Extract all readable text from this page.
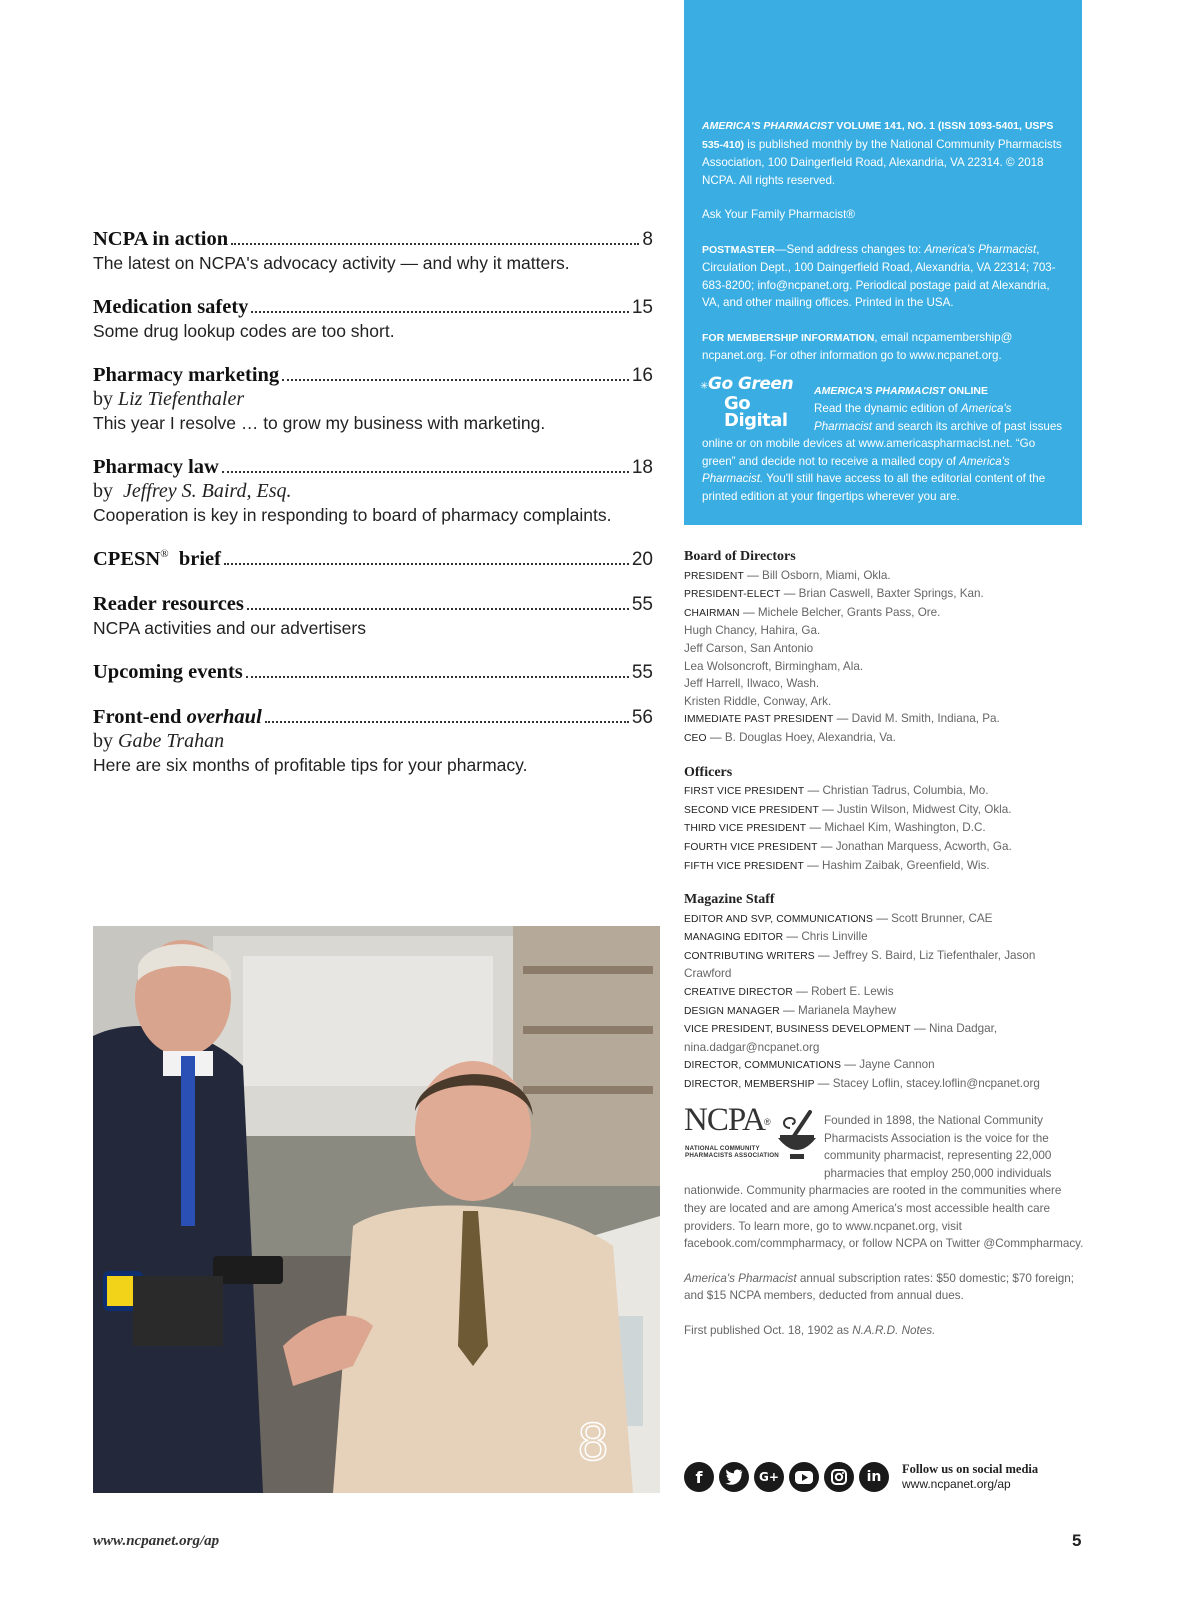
NCPA in action	8
The latest on NCPA's advocacy activity — and why it matters.
Medication safety	15
Some drug lookup codes are too short.
Pharmacy marketing	16
by Liz Tiefenthaler
This year I resolve … to grow my business with marketing.
Pharmacy law	18
by Jeffrey S. Baird, Esq.
Cooperation is key in responding to board of pharmacy complaints.
CPESN® brief	20
Reader resources	55
NCPA activities and our advertisers
Upcoming events	55
Front-end overhaul	56
by Gabe Trahan
Here are six months of profitable tips for your pharmacy.
8

AMERICA'S PHARMACIST VOLUME 141, NO. 1 (ISSN 1093-5401, USPS 535-410) is published monthly by the National Community Pharmacists Association, 100 Daingerfield Road, Alexandria, VA 22314. © 2018 NCPA. All rights reserved.

Ask Your Family Pharmacist®

POSTMASTER—Send address changes to: America's Pharmacist, Circulation Dept., 100 Daingerfield Road, Alexandria, VA 22314; 703-683-8200; info@ncpanet.org. Periodical postage paid at Alexandria, VA, and other mailing offices. Printed in the USA.

FOR MEMBERSHIP INFORMATION, email ncpamembership@ ncpanet.org. For other information go to www.ncpanet.org.

✳ Go Green
Go Digital
AMERICA'S PHARMACIST ONLINE
Read the dynamic edition of America's Pharmacist and search its archive of past issues online or on mobile devices at www.americaspharmacist.net. “Go green” and decide not to receive a mailed copy of America's Pharmacist. You'll still have access to all the editorial content of the printed edition at your fingertips wherever you are.
Board of Directors
PRESIDENT — Bill Osborn, Miami, Okla.
PRESIDENT-ELECT — Brian Caswell, Baxter Springs, Kan.
CHAIRMAN — Michele Belcher, Grants Pass, Ore.
Hugh Chancy, Hahira, Ga.
Jeff Carson, San Antonio
Lea Wolsoncroft, Birmingham, Ala.
Jeff Harrell, Ilwaco, Wash.
Kristen Riddle, Conway, Ark.
IMMEDIATE PAST PRESIDENT — David M. Smith, Indiana, Pa.
CEO — B. Douglas Hoey, Alexandria, Va.
Officers
FIRST VICE PRESIDENT — Christian Tadrus, Columbia, Mo.
SECOND VICE PRESIDENT — Justin Wilson, Midwest City, Okla.
THIRD VICE PRESIDENT — Michael Kim, Washington, D.C.
FOURTH VICE PRESIDENT — Jonathan Marquess, Acworth, Ga.
FIFTH VICE PRESIDENT — Hashim Zaibak, Greenfield, Wis.
Magazine Staff
EDITOR AND SVP, COMMUNICATIONS — Scott Brunner, CAE
MANAGING EDITOR — Chris Linville
CONTRIBUTING WRITERS — Jeffrey S. Baird, Liz Tiefenthaler, Jason Crawford
CREATIVE DIRECTOR — Robert E. Lewis
DESIGN MANAGER — Marianela Mayhew
VICE PRESIDENT, BUSINESS DEVELOPMENT — Nina Dadgar, nina.dadgar@ncpanet.org
DIRECTOR, COMMUNICATIONS — Jayne Cannon
DIRECTOR, MEMBERSHIP — Stacey Loflin, stacey.loflin@ncpanet.org
NCPA ®
NATIONAL COMMUNITY
PHARMACISTS ASSOCIATION

Founded in 1898, the National Community Pharmacists Association is the voice for the community pharmacist, representing 22,000 pharmacies that employ 250,000 individuals nationwide. Community pharmacies are rooted in the communities where they are located and are among America's most accessible health care providers. To learn more, go to www.ncpanet.org, visit facebook.com/commpharmacy, or follow NCPA on Twitter @Commpharmacy.

America's Pharmacist annual subscription rates: $50 domestic; $70 foreign; and $15 NCPA members, deducted from annual dues.

First published Oct. 18, 1902 as N.A.R.D. Notes.

f	G+	in	Follow us on social media
www.ncpanet.org/ap
www.ncpanet.org/ap	5
